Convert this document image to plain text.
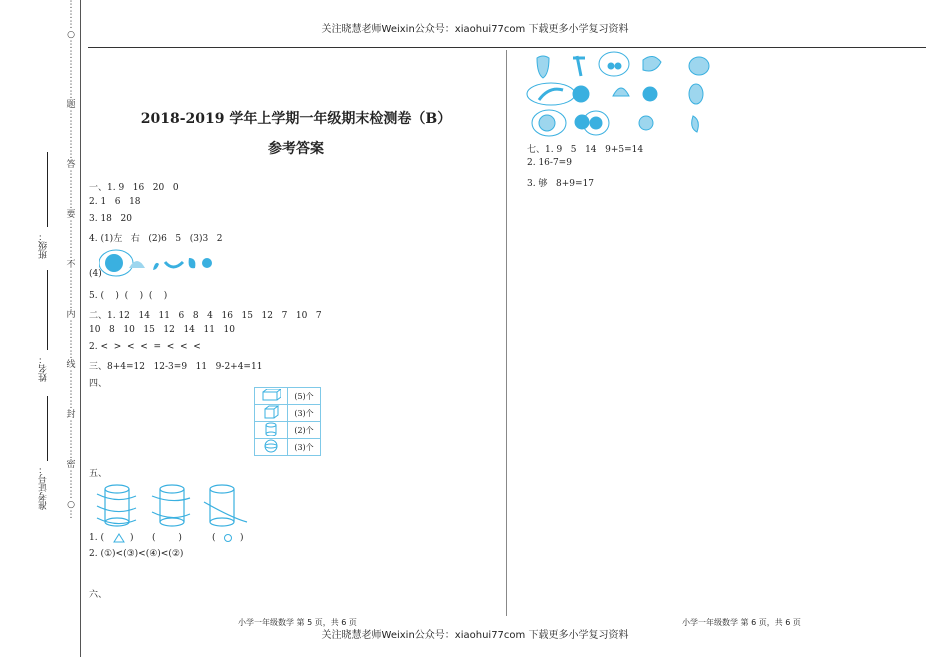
关注晓慧老师Weixin公众号：xiaohui77com 下载更多小学复习资料
⋮
⋮
⋮
○
⋮
⋮
⋮
⋮
⋮
⋮
题
⋮
⋮
⋮
⋮
⋮
答
⋮
⋮
⋮
⋮
要
⋮
⋮
⋮
⋮
不
⋮
⋮
⋮
⋮
内
⋮
⋮
⋮
⋮
线
⋮
⋮
⋮
⋮
封
⋮
⋮
⋮
⋮
密
⋮
⋮
⋮
○
⋮
班级：
姓名：
准考证号：
2018-2019 学年上学期一年级期末检测卷（B）
参考答案
一、1. 9   16   20   0
2. 1   6   18
3. 18   20
4. (1)左   右   (2)6   5   (3)3   2
(4)
5. (    )  (    )  (    )
二、1. 12   14   11   6   8   4   16   15   12   7   10   7
10   8   10   15   12   14   11   10
2. <  >  <  <  =  <  <  <
三、8+4=12   12-3=9   11   9-2+4=11
四、
	(5)个
	(3)个
	(2)个
	(3)个
五、
1. (	) (        )	(	)
2. (①)<(③)<(④)<(②)
六、
七、1. 9   5   14   9+5=14
2. 16-7=9
3. 够   8+9=17
小学一年级数学 第 5 页，共 6 页	小学一年级数学 第 6 页，共 6 页
关注晓慧老师Weixin公众号：xiaohui77com 下载更多小学复习资料
